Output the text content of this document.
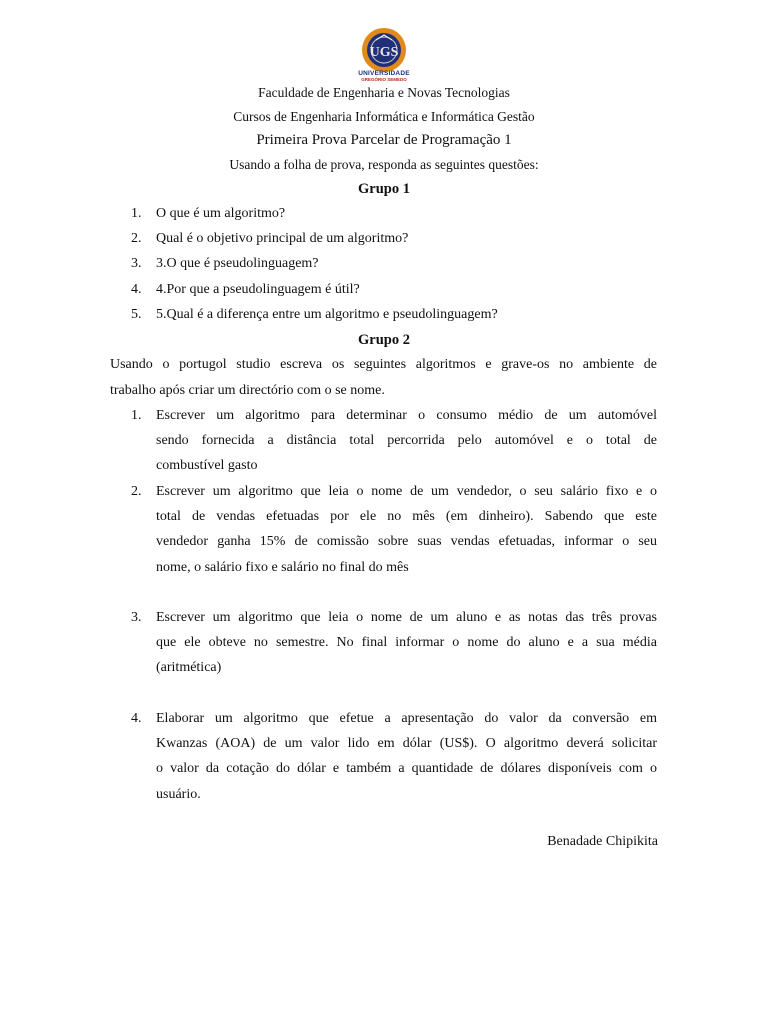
UGS
UNIVERSIDADE
GREGÓRIO SEMEDO
Faculdade de Engenharia e Novas Tecnologias
Cursos de Engenharia Informática e Informática Gestão
Primeira Prova Parcelar de Programação 1
Usando a folha de prova, responda as seguintes questões:
Grupo 1
1.	O que é um algoritmo?
2.	Qual é o objetivo principal de um algoritmo?
3.	3.O que é pseudolinguagem?
4.	4.Por que a pseudolinguagem é útil?
5.	5.Qual é a diferença entre um algoritmo e pseudolinguagem?
Grupo 2
Usando o portugol studio escreva os seguintes algoritmos e grave-os no ambiente de
trabalho após criar um directório com o se nome.
1.	Escrever um algoritmo para determinar o consumo médio de um automóvel
sendo fornecida a distância total percorrida pelo automóvel e o total de
combustível gasto
2.	Escrever um algoritmo que leia o nome de um vendedor, o seu salário fixo e o
total de vendas efetuadas por ele no mês (em dinheiro). Sabendo que este
vendedor ganha 15% de comissão sobre suas vendas efetuadas, informar o seu
nome, o salário fixo e salário no final do mês
3.	Escrever um algoritmo que leia o nome de um aluno e as notas das três provas
que ele obteve no semestre. No final informar o nome do aluno e a sua média
(aritmética)
4.	Elaborar um algoritmo que efetue a apresentação do valor da conversão em
Kwanzas (AOA) de um valor lido em dólar (US$). O algoritmo deverá solicitar
o valor da cotação do dólar e também a quantidade de dólares disponíveis com o
usuário.
Benadade Chipikita
